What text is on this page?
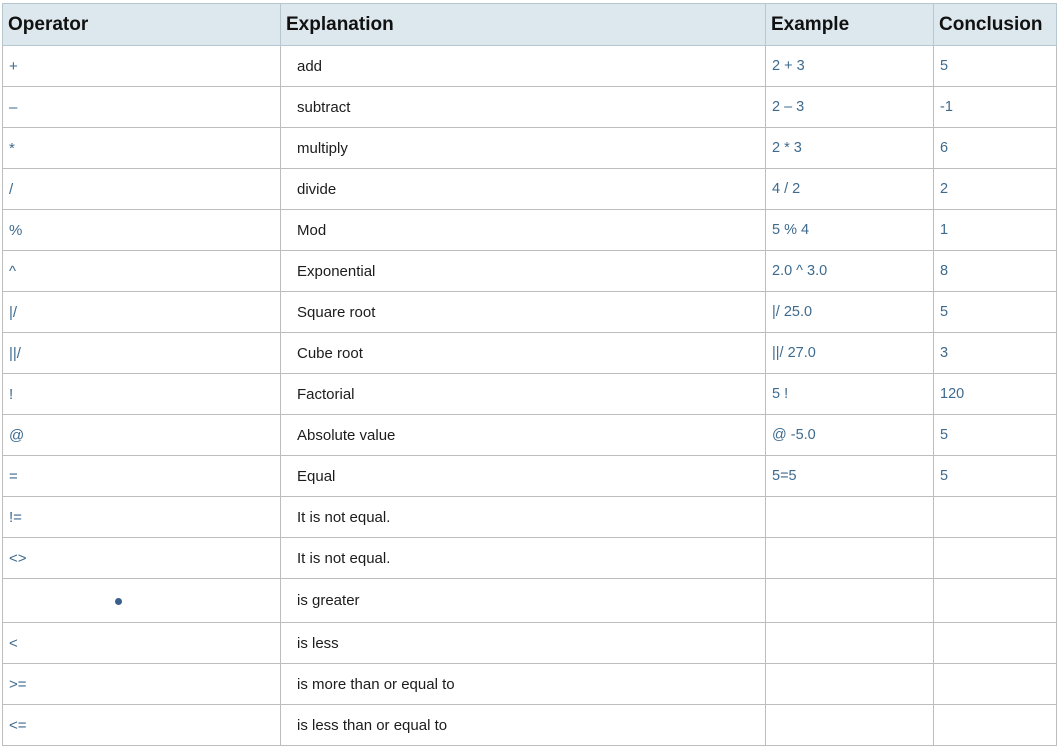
Operator	Explanation	Example	Conclusion
+	add	2 + 3	5
–	subtract	2 – 3	-1
*	multiply	2 * 3	6
/	divide	4 / 2	2
%	Mod	5 % 4	1
^	Exponential	2.0 ^ 3.0	8
|/	Square root	|/ 25.0	5
||/	Cube root	||/ 27.0	3
!	Factorial	5 !	120
@	Absolute value	@ -5.0	5
=	Equal	5=5	5
!=	It is not equal.		
<>	It is not equal.		
	is greater		
<	is less		
>=	is more than or equal to		
<=	is less than or equal to		
